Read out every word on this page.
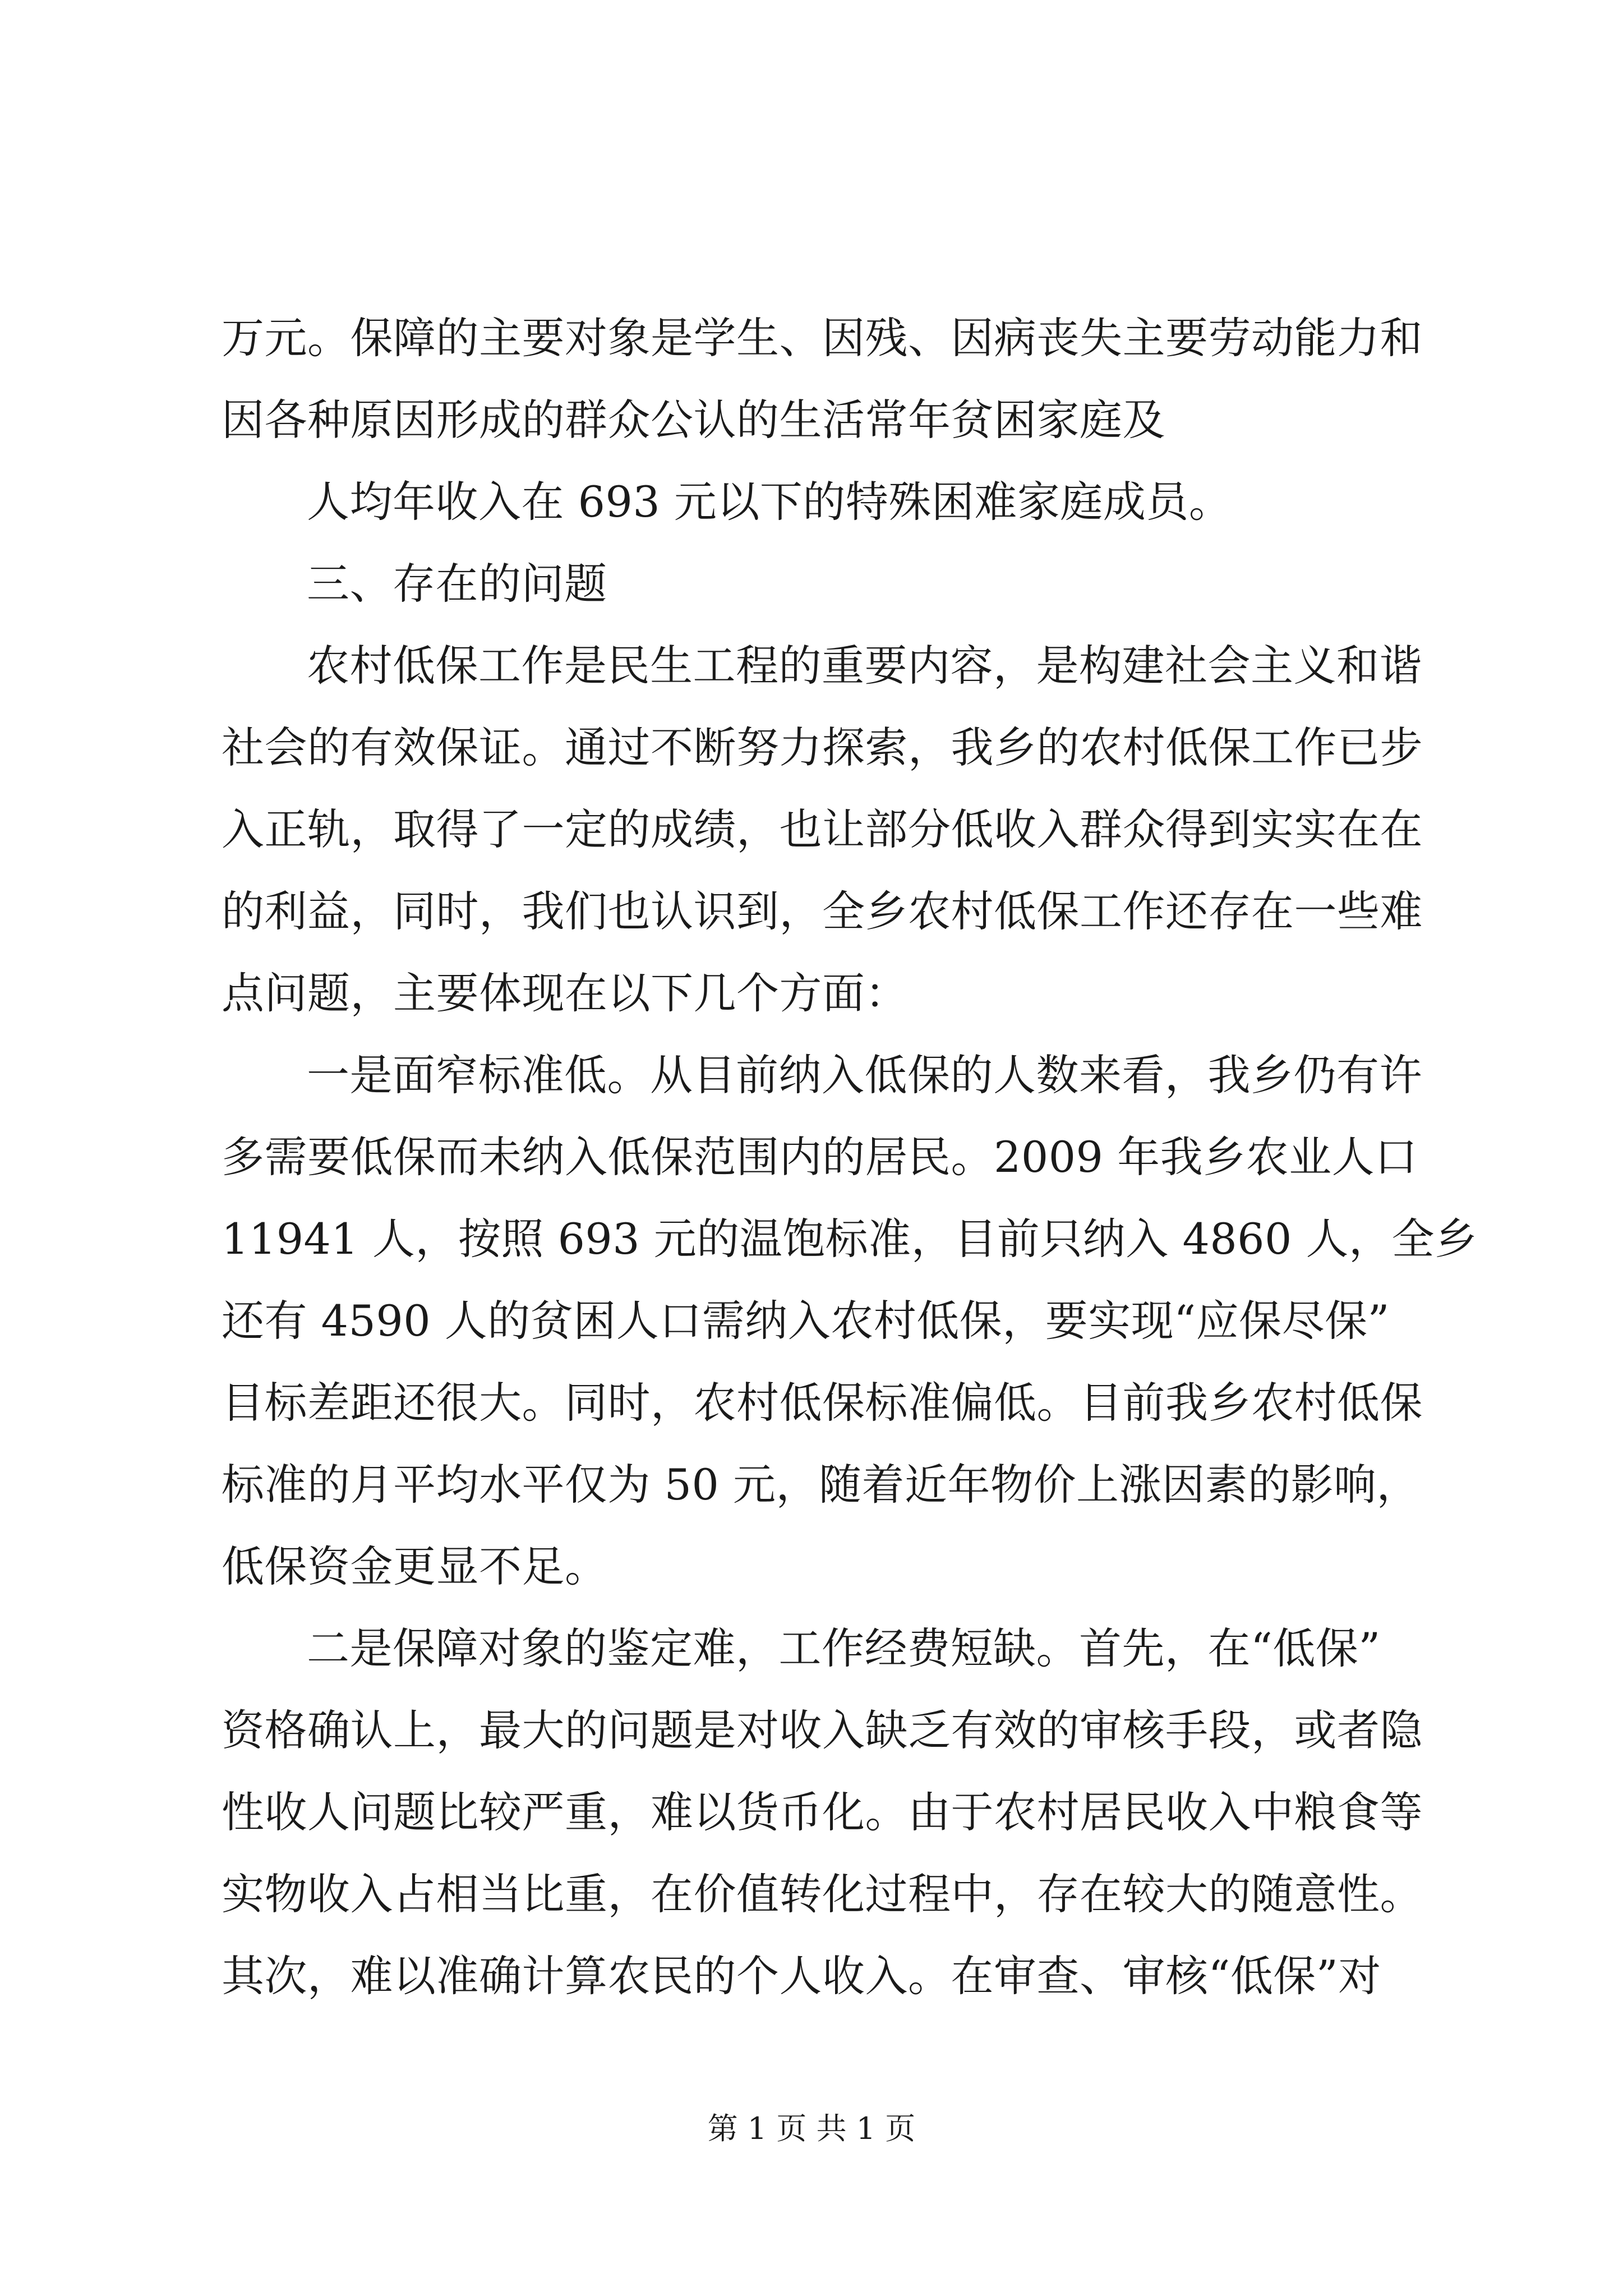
万元。保障的主要对象是学生、因残、因病丧失主要劳动能力和
因各种原因形成的群众公认的生活常年贫困家庭及
人均年收入在 693 元以下的特殊困难家庭成员。
三、存在的问题
农村低保工作是民生工程的重要内容，是构建社会主义和谐
社会的有效保证。通过不断努力探索，我乡的农村低保工作已步
入正轨，取得了一定的成绩，也让部分低收入群众得到实实在在
的利益，同时，我们也认识到，全乡农村低保工作还存在一些难
点问题，主要体现在以下几个方面：
一是面窄标准低。从目前纳入低保的人数来看，我乡仍有许
多需要低保而未纳入低保范围内的居民。2009 年我乡农业人口
11941 人，按照 693 元的温饱标准，目前只纳入 4860 人，全乡
还有 4590 人的贫困人口需纳入农村低保，要实现“应保尽保”
目标差距还很大。同时，农村低保标准偏低。目前我乡农村低保
标准的月平均水平仅为 50 元，随着近年物价上涨因素的影响，
低保资金更显不足。
二是保障对象的鉴定难，工作经费短缺。首先，在“低保”
资格确认上，最大的问题是对收入缺乏有效的审核手段，或者隐
性收人问题比较严重，难以货币化。由于农村居民收入中粮食等
实物收入占相当比重，在价值转化过程中，存在较大的随意性。
其次，难以准确计算农民的个人收入。在审查、审核“低保”对
第 1 页 共 1 页
